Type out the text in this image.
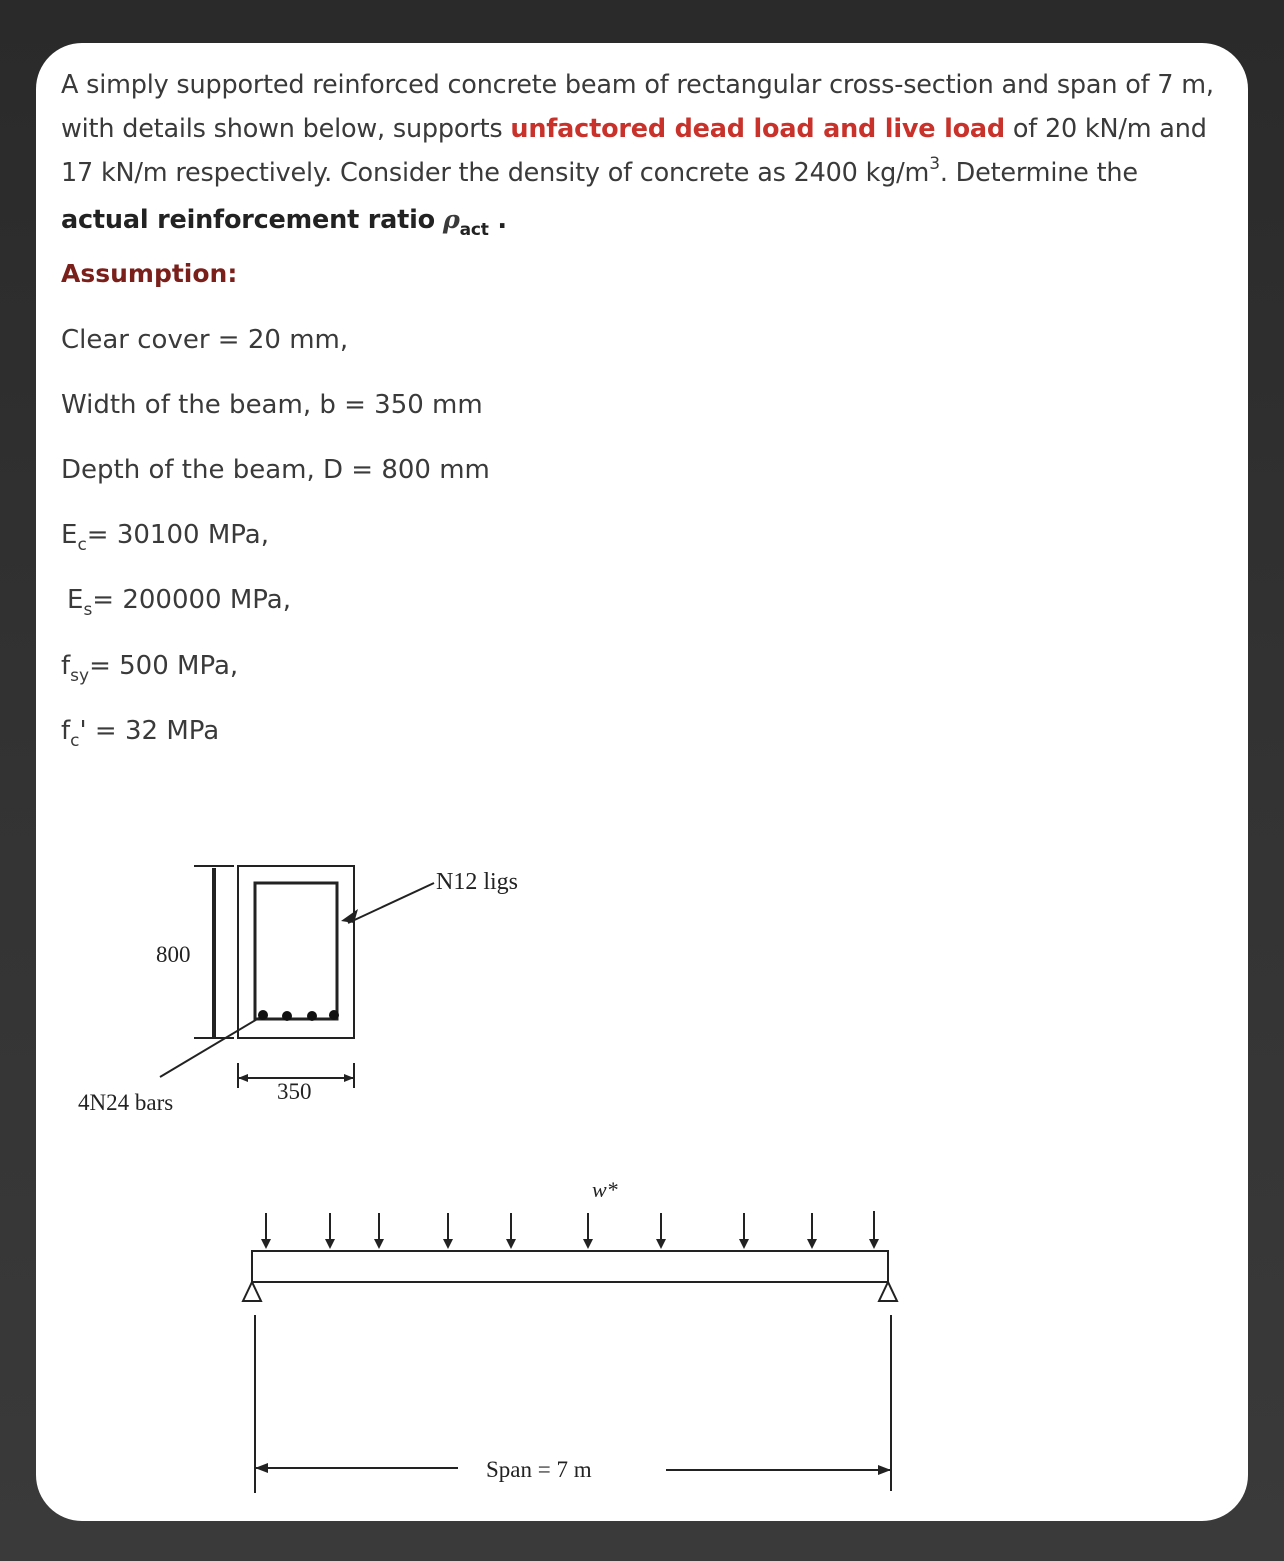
A simply supported reinforced concrete beam of rectangular cross-section and span of 7 m, with details shown below, supports unfactored dead load and live load of 20 kN/m and 17 kN/m respectively. Consider the density of concrete as 2400 $kg/m^3$. Determine the actual reinforcement ratio $\rho_{act}$ .

Assumption:
Clear cover = 20 mm,
Width of the beam, b = 350 mm
Depth of the beam, D = 800 mm
$E_c= 30100$ MPa,
$E_s= 200000$ MPa,
$f_{sy}= 500$ MPa,
$f_c' = 32$ MPa
800
350
N12 ligs
4N24 bars
w*
Span = 7 m
